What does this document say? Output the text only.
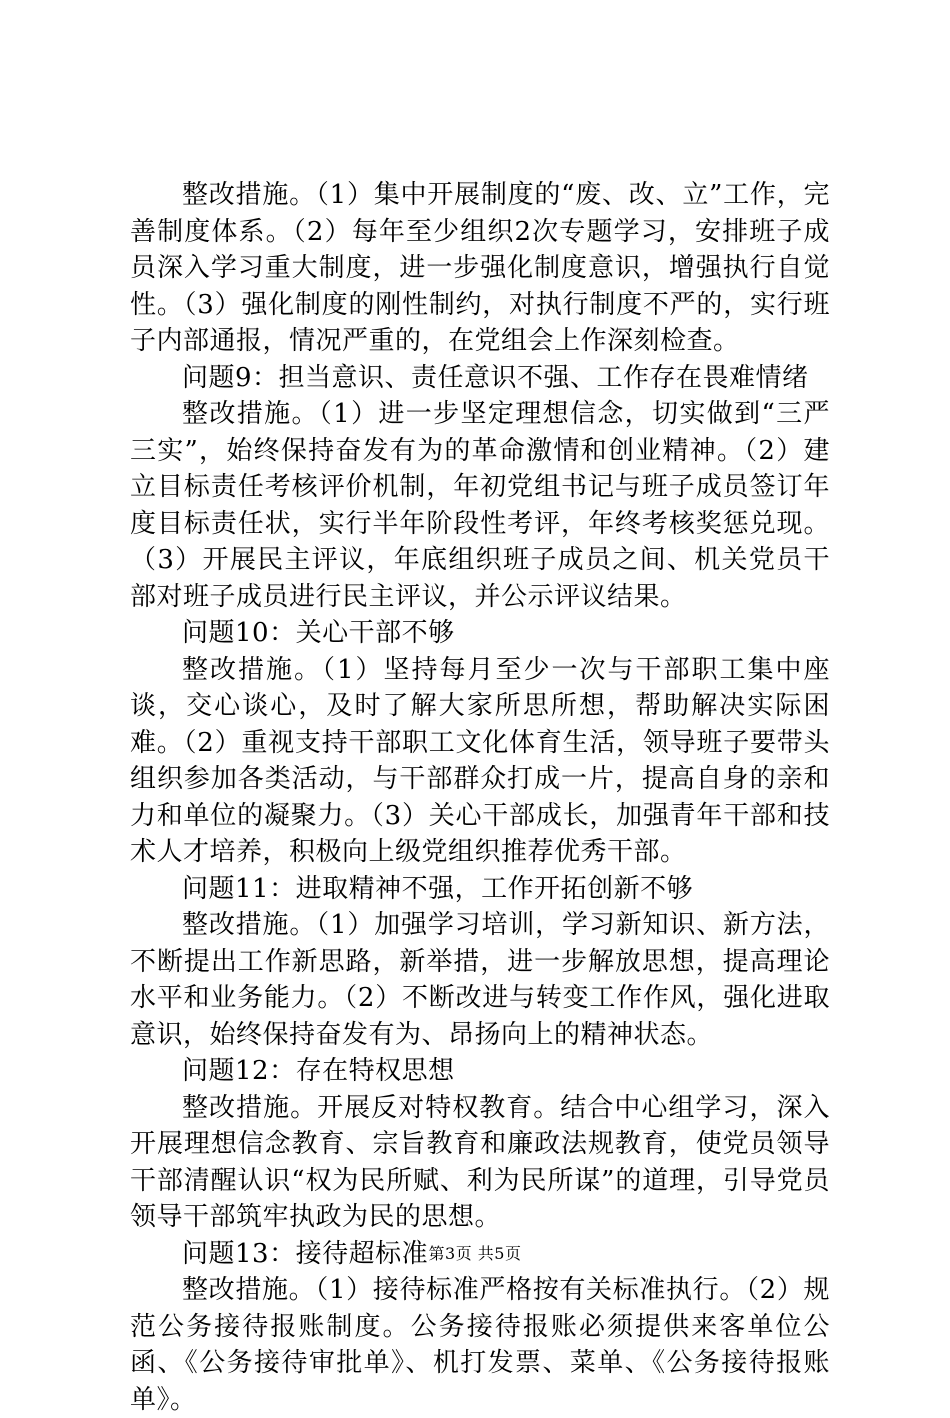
整改措施。（1）集中开展制度的“废、改、立”工作，完善制度体系。（2）每年至少组织2次专题学习，安排班子成员深入学习重大制度，进一步强化制度意识，增强执行自觉性。（3）强化制度的刚性制约，对执行制度不严的，实行班子内部通报，情况严重的，在党组会上作深刻检查。

问题9：担当意识、责任意识不强、工作存在畏难情绪

整改措施。（1）进一步坚定理想信念，切实做到“三严三实”，始终保持奋发有为的革命激情和创业精神。（2）建立目标责任考核评价机制，年初党组书记与班子成员签订年度目标责任状，实行半年阶段性考评，年终考核奖惩兑现。（3）开展民主评议，年底组织班子成员之间、机关党员干部对班子成员进行民主评议，并公示评议结果。

问题10：关心干部不够

整改措施。（1）坚持每月至少一次与干部职工集中座谈，交心谈心，及时了解大家所思所想，帮助解决实际困难。（2）重视支持干部职工文化体育生活，领导班子要带头组织参加各类活动，与干部群众打成一片，提高自身的亲和力和单位的凝聚力。（3）关心干部成长，加强青年干部和技术人才培养，积极向上级党组织推荐优秀干部。

问题11：进取精神不强，工作开拓创新不够

整改措施。（1）加强学习培训，学习新知识、新方法，不断提出工作新思路，新举措，进一步解放思想，提高理论水平和业务能力。（2）不断改进与转变工作作风，强化进取意识，始终保持奋发有为、昂扬向上的精神状态。

问题12：存在特权思想

整改措施。开展反对特权教育。结合中心组学习，深入开展理想信念教育、宗旨教育和廉政法规教育，使党员领导干部清醒认识“权为民所赋、利为民所谋”的道理，引导党员领导干部筑牢执政为民的思想。

问题13：接待超标准

整改措施。（1）接待标准严格按有关标准执行。（2）规范公务接待报账制度。公务接待报账必须提供来客单位公函、《公务接待审批单》、机打发票、菜单、《公务接待报账单》。

第3页 共5页
